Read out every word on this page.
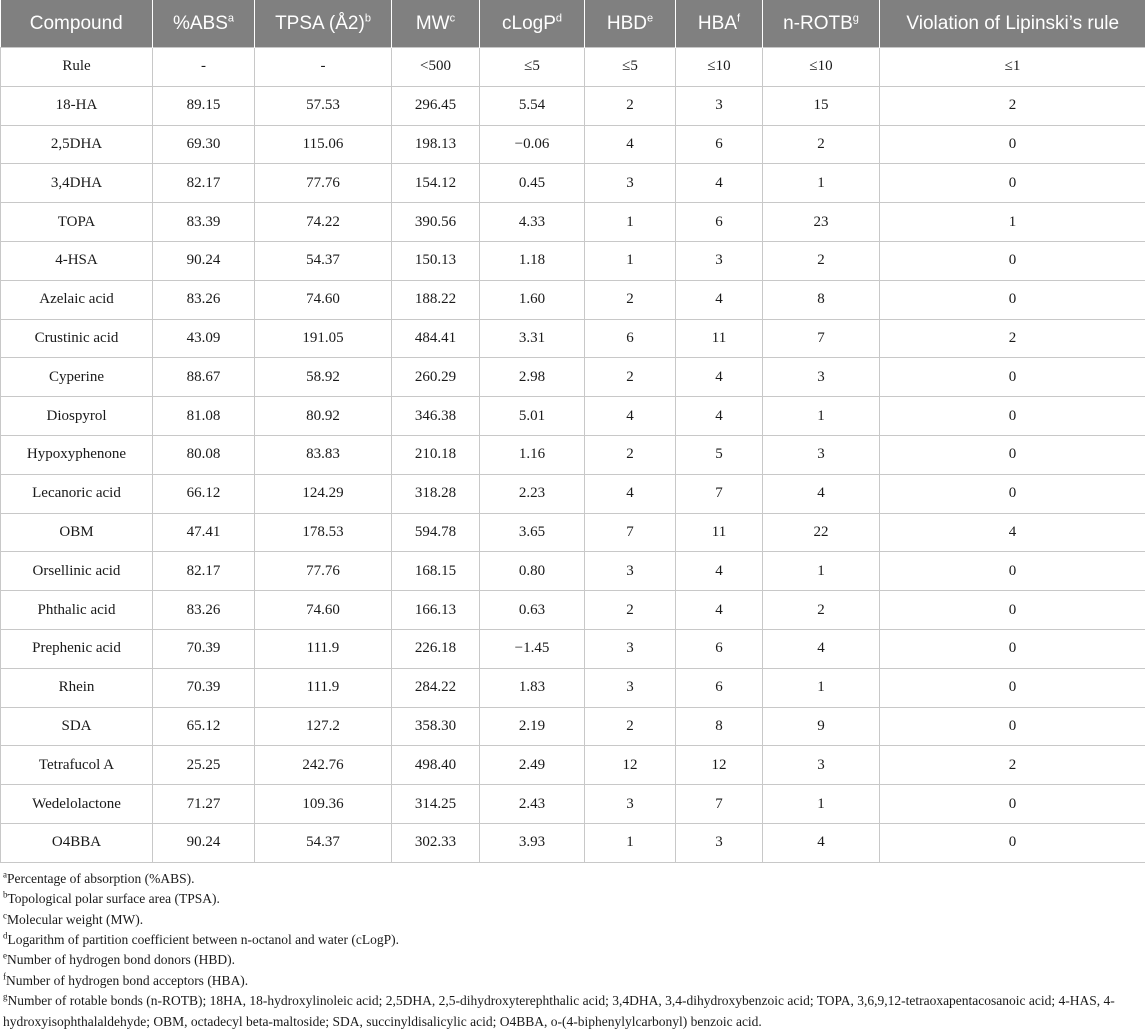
Compound	%ABS$^a$	TPSA (Å2)$^b$	$MW^c$	cLogP$^d$	HBD$^e$	HBA$^f$	n-ROTB$^g$	Violation of Lipinski’s rule
Rule	-	-	<500	≤5	≤5	≤10	≤10	≤1
18-HA	89.15	57.53	296.45	5.54	2	3	15	2
2,5DHA	69.30	115.06	198.13	−0.06	4	6	2	0
3,4DHA	82.17	77.76	154.12	0.45	3	4	1	0
TOPA	83.39	74.22	390.56	4.33	1	6	23	1
4-HSA	90.24	54.37	150.13	1.18	1	3	2	0
Azelaic acid	83.26	74.60	188.22	1.60	2	4	8	0
Crustinic acid	43.09	191.05	484.41	3.31	6	11	7	2
Cyperine	88.67	58.92	260.29	2.98	2	4	3	0
Diospyrol	81.08	80.92	346.38	5.01	4	4	1	0
Hypoxyphenone	80.08	83.83	210.18	1.16	2	5	3	0
Lecanoric acid	66.12	124.29	318.28	2.23	4	7	4	0
OBM	47.41	178.53	594.78	3.65	7	11	22	4
Orsellinic acid	82.17	77.76	168.15	0.80	3	4	1	0
Phthalic acid	83.26	74.60	166.13	0.63	2	4	2	0
Prephenic acid	70.39	111.9	226.18	−1.45	3	6	4	0
Rhein	70.39	111.9	284.22	1.83	3	6	1	0
SDA	65.12	127.2	358.30	2.19	2	8	9	0
Tetrafucol A	25.25	242.76	498.40	2.49	12	12	3	2
Wedelolactone	71.27	109.36	314.25	2.43	3	7	1	0
O4BBA	90.24	54.37	302.33	3.93	1	3	4	0
$^a$Percentage of absorption (%ABS).
$^b$Topological polar surface area (TPSA).
$^c$Molecular weight (MW).
$^d$Logarithm of partition coefficient between n-octanol and water (cLogP).
$^e$Number of hydrogen bond donors (HBD).
$^f$Number of hydrogen bond acceptors (HBA).
$^g$Number of rotable bonds (n-ROTB); 18HA, 18-hydroxylinoleic acid; 2,5DHA, 2,5-dihydroxyterephthalic acid; 3,4DHA, 3,4-dihydroxybenzoic acid; TOPA, 3,6,9,12-tetraoxapentacosanoic acid; 4-HAS, 4-hydroxyisophthalaldehyde; OBM, octadecyl beta-maltoside; SDA, succinyldisalicylic acid; O4BBA, o-(4-biphenylylcarbonyl) benzoic acid.
